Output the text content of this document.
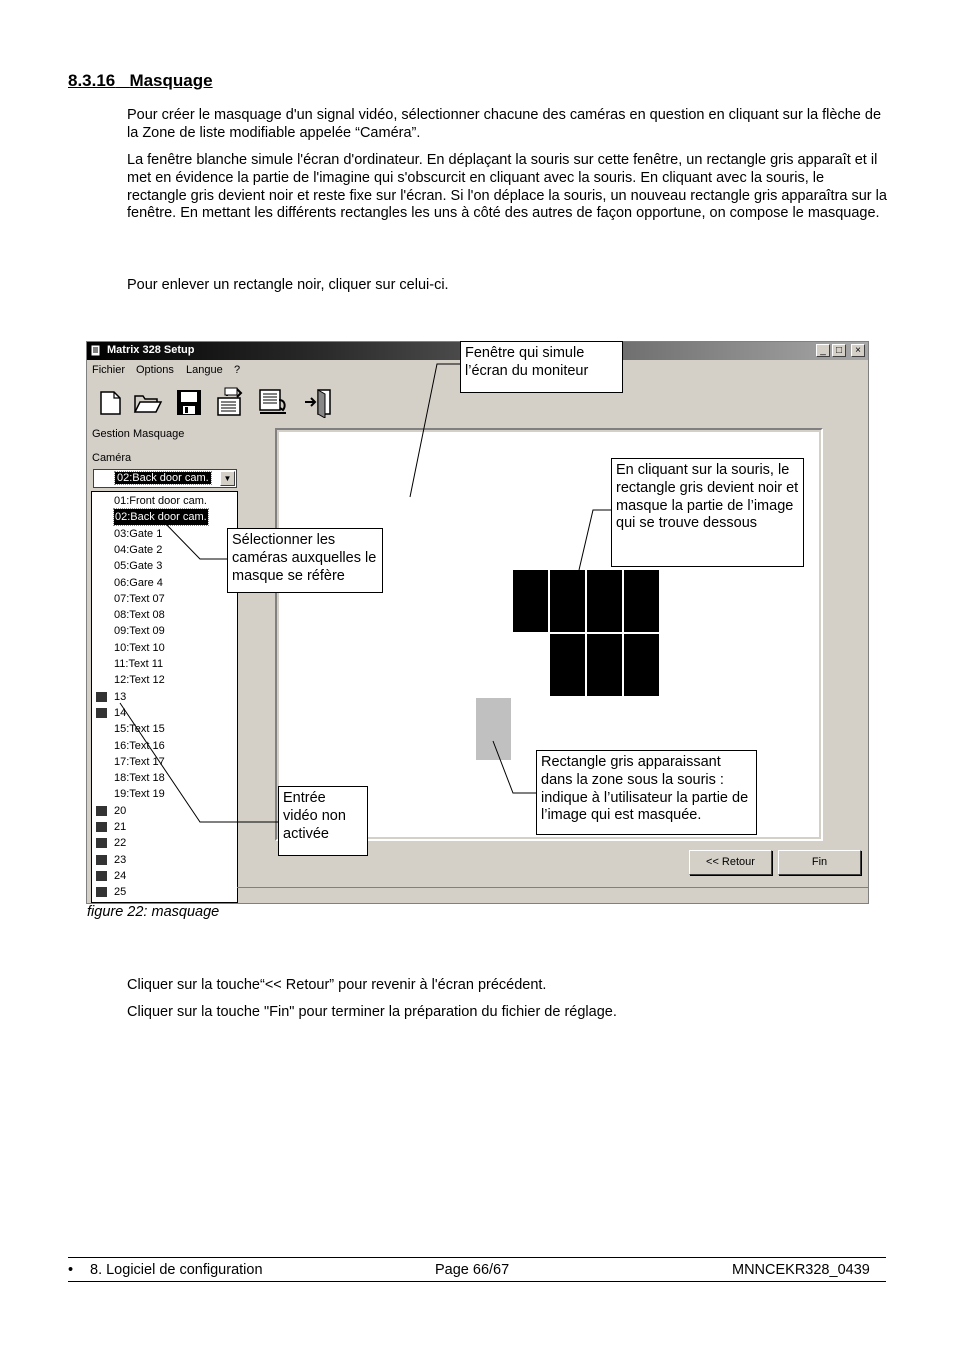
8.3.16 Masquage
Pour créer le masquage d'un signal vidéo, sélectionner chacune des caméras en question en cliquant sur la flèche de la Zone de liste modifiable appelée “Caméra”.
La fenêtre blanche simule l'écran d'ordinateur. En déplaçant la souris sur cette fenêtre, un rectangle gris apparaît et il met en évidence la partie de l'imagine qui s'obscurcit en cliquant avec la souris. En cliquant avec la souris, le rectangle gris devient noir et reste fixe sur l'écran. Si l'on déplace la souris, un nouveau rectangle gris apparaîtra sur la fenêtre. En mettant les différents rectangles les uns à côté des autres de façon opportune, on compose le masquage.
Pour enlever un rectangle noir, cliquer sur celui-ci.
Matrix 328 Setup	_	□	×
Fichier Options Langue ?
Gestion Masquage
Caméra
02:Back door cam.	▼
01:Front door cam.
02:Back door cam.
03:Gate 1
04:Gate 2
05:Gate 3
06:Gare 4
07:Text 07
08:Text 08
09:Text 09
10:Text 10
11:Text 11
12:Text 12
13
14
15:Text 15
16:Text 16
17:Text 17
18:Text 18
19:Text 19
20
21
22
23
24
25
<< Retour	Fin
Fenêtre qui simule l’écran du moniteur
En cliquant sur la souris, le rectangle gris devient noir et masque la partie de l’image qui se trouve dessous
Sélectionner les caméras auxquelles le masque se réfère
Rectangle gris apparaissant dans la zone sous la souris : indique à l’utilisateur la partie de l’image qui est masquée.
Entrée vidéo non activée
figure 22: masquage
Cliquer sur la touche“<< Retour” pour revenir à l'écran précédent.
Cliquer sur la touche "Fin" pour terminer la préparation du fichier de réglage.
• 8. Logiciel de configuration	Page 66/67	MNNCEKR328_0439
